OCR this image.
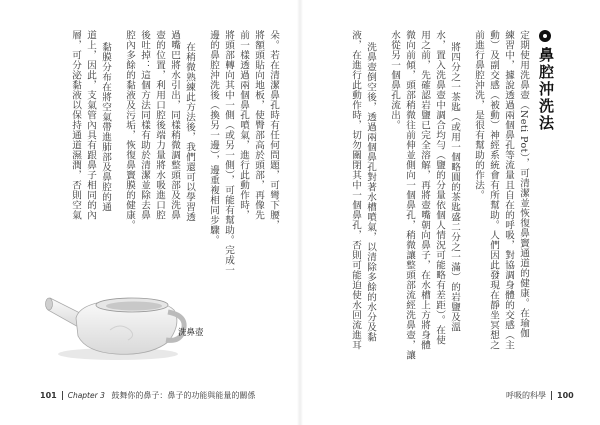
鼻腔沖洗法
定期使用洗鼻壺（Neti Pot），可清潔並恢復鼻竇通道的健康。在瑜伽
練習中，據說透過兩個鼻孔等流量且自在的呼吸，對協調身體的交感（主
動）及副交感（被動）神經系統會有所幫助。人們因此發現在靜坐冥想之
前進行鼻腔沖洗，是很有幫助的作法。
將四分之一茶匙（或用一個略圓的茶匙盛二分之一滿）的岩鹽及溫
水，置入洗鼻壺中調合均勻（鹽的分量依個人情況可能略有差距）。在使
用之前，先確認岩鹽已完全溶解，再將壺嘴朝向鼻子，在水槽上方將身體
微向前傾，頭部稍微往前伸並側向一個鼻孔，稍微讓整頭部流經洗鼻壺，讓
水從另一個鼻孔流出。
洗鼻壺倒空後，透過兩個鼻孔對著水槽噴氣，以清除多餘的水分及黏
液，在進行此動作時，切勿關閉其中一個鼻孔，否則可能迫使水回流進耳
朵。若在清潔鼻孔時有任何問題，可彎下腰，
將額頭貼向地板，使臀部高於頭部，再像先
前一樣透過兩個鼻孔噴氣，進行此動作時，
將頭部轉向其中一側（或另一側），可能有幫助。完成一
邊的鼻腔沖洗後（換另一邊），邊重複相同步驟。
在稍微熟練此方法後，我們還可以學習透
過嘴巴將水引出，同樣稍微調整頭部及洗鼻
壺的位置，利用口腔後端力量將水吸進口腔
後吐掉：這個方法同樣有助於清潔並除去鼻
腔內多餘的黏液及污垢，恢復鼻竇膜的健康。
黏膜分布在將空氣帶進肺部及鼻腔的通
道上，因此，支氣管內具有跟鼻子相同的內
層，可分泌黏液以保持通道濕潤，否則空氣
洗鼻壺
101 Chapter 3 鼓舞你的鼻子：鼻子的功能與能量的關係	呼吸的科學 100
